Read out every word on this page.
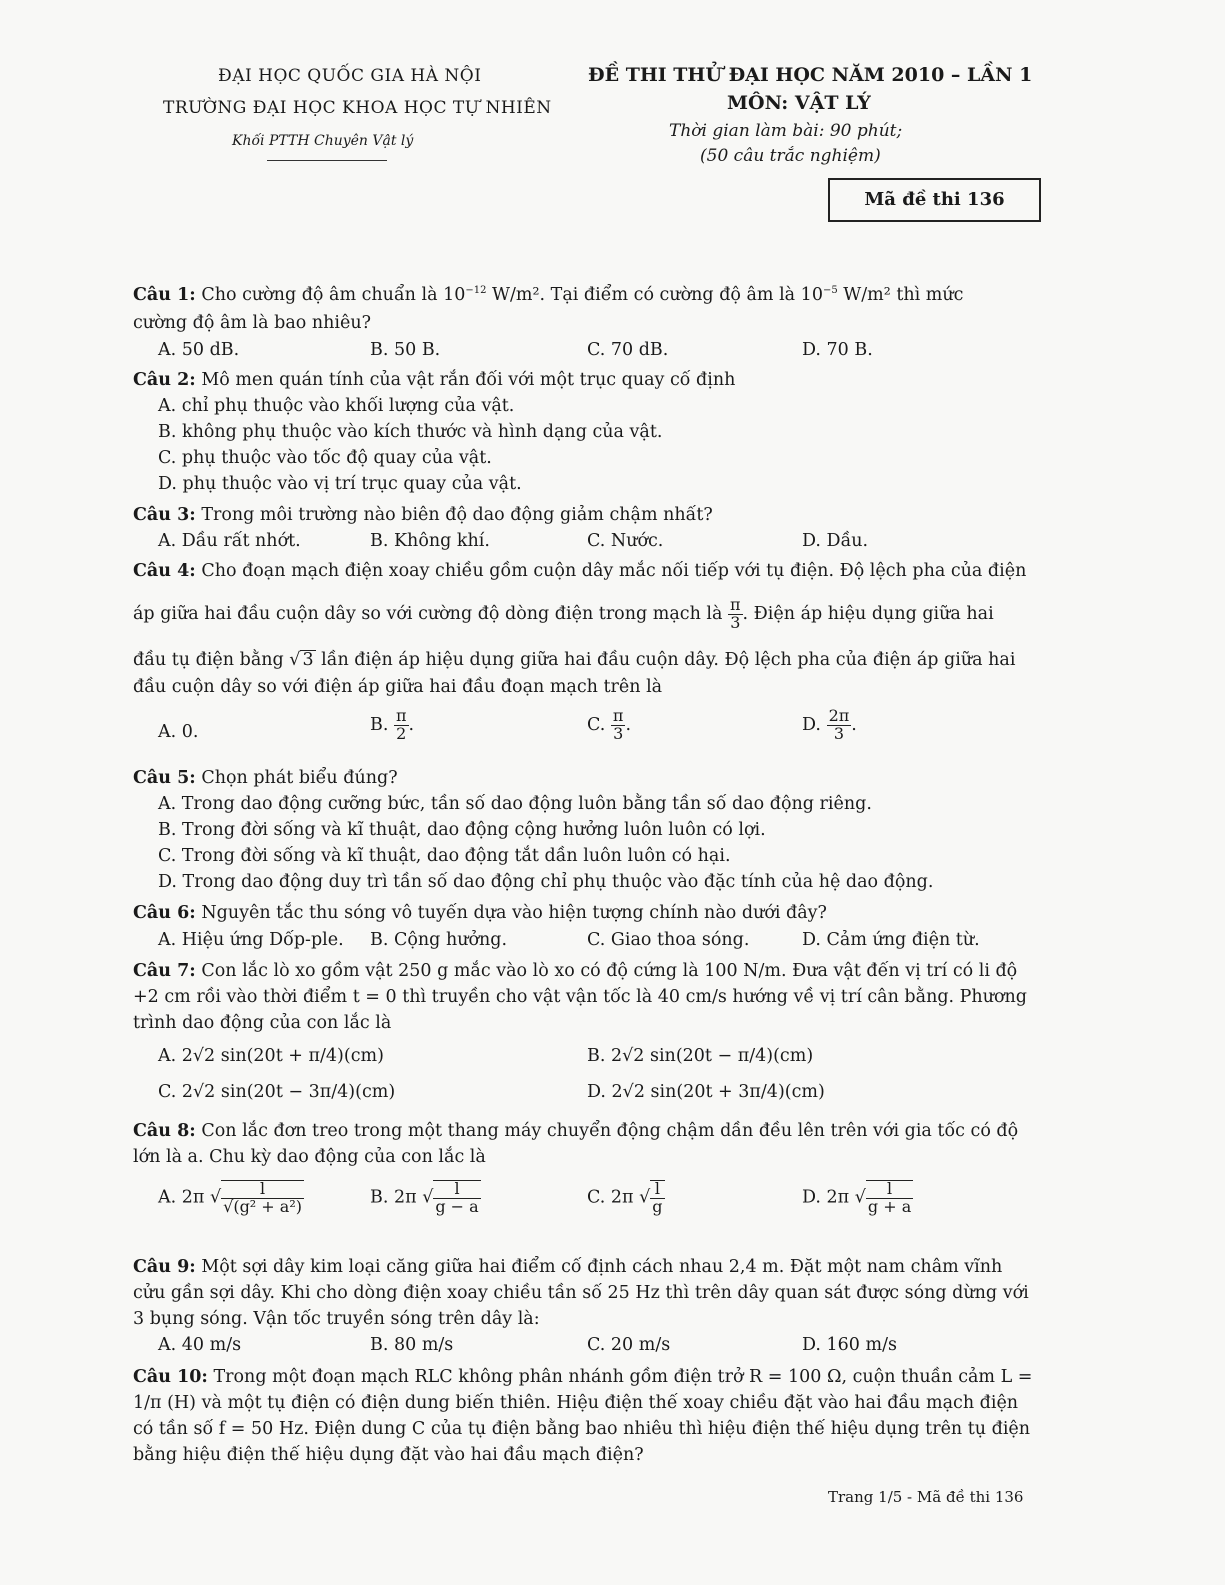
ĐẠI HỌC QUỐC GIA HÀ NỘI
TRƯỜNG ĐẠI HỌC KHOA HỌC TỰ NHIÊN
Khối PTTH Chuyên Vật lý
ĐỀ THI THỬ ĐẠI HỌC NĂM 2010 – LẦN 1
MÔN: VẬT LÝ
Thời gian làm bài: 90 phút;
(50 câu trắc nghiệm)
Mã đề thi 136
Câu 1: Cho cường độ âm chuẩn là $10^{-12}$ W/m². Tại điểm có cường độ âm là $10^{-5}$ W/m² thì mức
cường độ âm là bao nhiêu?
A. 50 dB.	B. 50 B.	C. 70 dB.	D. 70 B.
Câu 2: Mô men quán tính của vật rắn đối với một trục quay cố định
A. chỉ phụ thuộc vào khối lượng của vật.
B. không phụ thuộc vào kích thước và hình dạng của vật.
C. phụ thuộc vào tốc độ quay của vật.
D. phụ thuộc vào vị trí trục quay của vật.
Câu 3: Trong môi trường nào biên độ dao động giảm chậm nhất?
A. Dầu rất nhớt.	B. Không khí.	C. Nước.	D. Dầu.
Câu 4: Cho đoạn mạch điện xoay chiều gồm cuộn dây mắc nối tiếp với tụ điện. Độ lệch pha của điện
áp giữa hai đầu cuộn dây so với cường độ dòng điện trong mạch là $\frac{\pi}{3}$ . Điện áp hiệu dụng giữa hai
đầu tụ điện bằng √ 3 lần điện áp hiệu dụng giữa hai đầu cuộn dây. Độ lệch pha của điện áp giữa hai
đầu cuộn dây so với điện áp giữa hai đầu đoạn mạch trên là
A. 0.	B. $\frac{\pi}{2}$ .	C. $\frac{\pi}{3}$ .	D. $\frac{2\pi}{3}$ .
Câu 5: Chọn phát biểu đúng?
A. Trong dao động cưỡng bức, tần số dao động luôn bằng tần số dao động riêng.
B. Trong đời sống và kĩ thuật, dao động cộng hưởng luôn luôn có lợi.
C. Trong đời sống và kĩ thuật, dao động tắt dần luôn luôn có hại.
D. Trong dao động duy trì tần số dao động chỉ phụ thuộc vào đặc tính của hệ dao động.
Câu 6: Nguyên tắc thu sóng vô tuyến dựa vào hiện tượng chính nào dưới đây?
A. Hiệu ứng Dốp-ple. B. Cộng hưởng.	C. Giao thoa sóng.	D. Cảm ứng điện từ.
Câu 7: Con lắc lò xo gồm vật 250 g mắc vào lò xo có độ cứng là 100 N/m. Đưa vật đến vị trí có li độ
+2 cm rồi vào thời điểm t = 0 thì truyền cho vật vận tốc là 40 cm/s hướng về vị trí cân bằng. Phương
trình dao động của con lắc là
A. 2√2 sin(20t + π/4)(cm)	B. 2√2 sin(20t − π/4)(cm)
C. 2√2 sin(20t − 3π/4)(cm)	D. 2√2 sin(20t + 3π/4)(cm)
Câu 8: Con lắc đơn treo trong một thang máy chuyển động chậm dần đều lên trên với gia tốc có độ
lớn là a. Chu kỳ dao động của con lắc là
A. 2π √ $\frac{l}{\text{√(g² + a²)}}$	B. 2π √ $\frac{l}{g - a}$	C. 2π √ $\frac{l}{g}$	D. 2π √ $\frac{l}{g + a}$
Câu 9: Một sợi dây kim loại căng giữa hai điểm cố định cách nhau 2,4 m. Đặt một nam châm vĩnh
cửu gần sợi dây. Khi cho dòng điện xoay chiều tần số 25 Hz thì trên dây quan sát được sóng dừng với
3 bụng sóng. Vận tốc truyền sóng trên dây là:
A. 40 m/s	B. 80 m/s	C. 20 m/s	D. 160 m/s
Câu 10: Trong một đoạn mạch RLC không phân nhánh gồm điện trở R = 100 Ω, cuộn thuần cảm L =
1/π (H) và một tụ điện có điện dung biến thiên. Hiệu điện thế xoay chiều đặt vào hai đầu mạch điện
có tần số f = 50 Hz. Điện dung C của tụ điện bằng bao nhiêu thì hiệu điện thế hiệu dụng trên tụ điện
bằng hiệu điện thế hiệu dụng đặt vào hai đầu mạch điện?
Trang 1/5 - Mã đề thi 136
